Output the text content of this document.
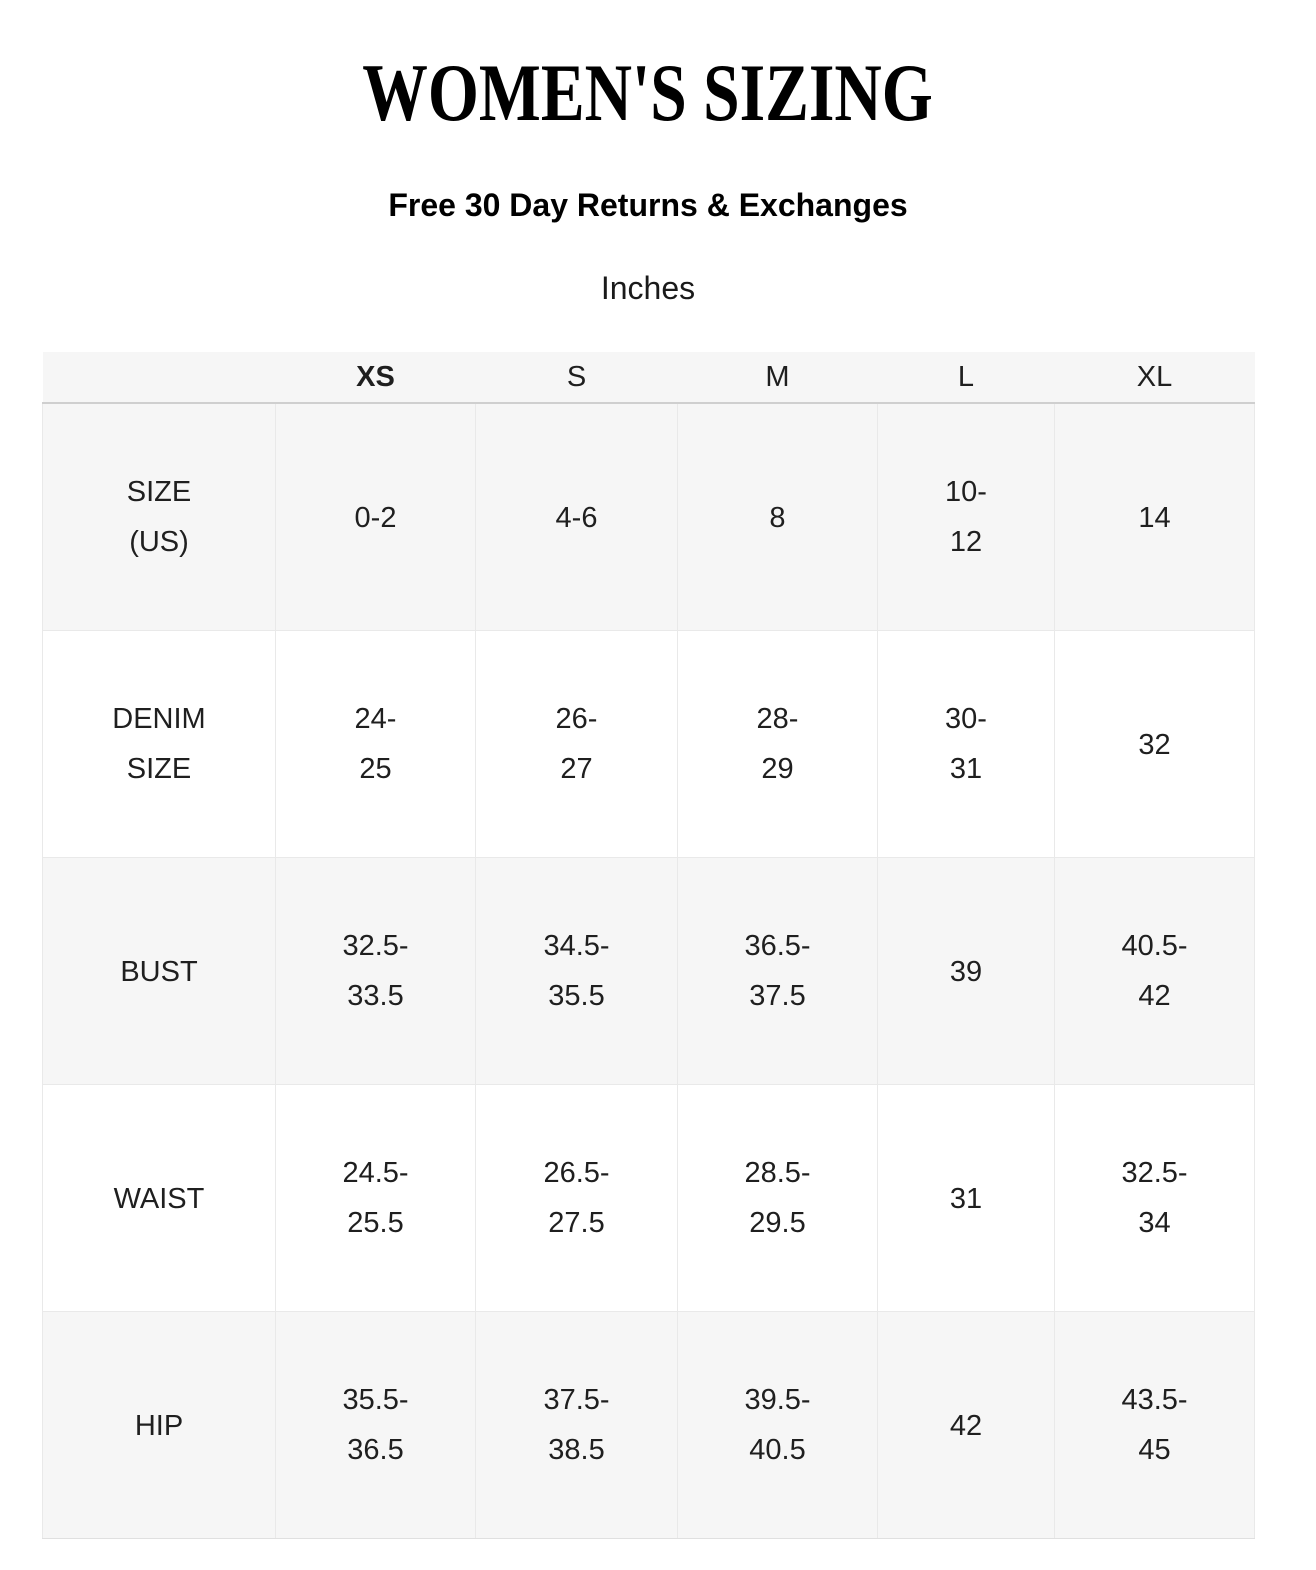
WOMEN'S SIZING
Free 30 Day Returns & Exchanges
Inches
	XS	S	M	L	XL
SIZE (US)	0-2	4-6	8	10-12	14
DENIM SIZE	24-25	26-27	28-29	30-31	32
BUST	32.5-33.5	34.5-35.5	36.5-37.5	39	40.5-42
WAIST	24.5-25.5	26.5-27.5	28.5-29.5	31	32.5-34
HIP	35.5-36.5	37.5-38.5	39.5-40.5	42	43.5-45
